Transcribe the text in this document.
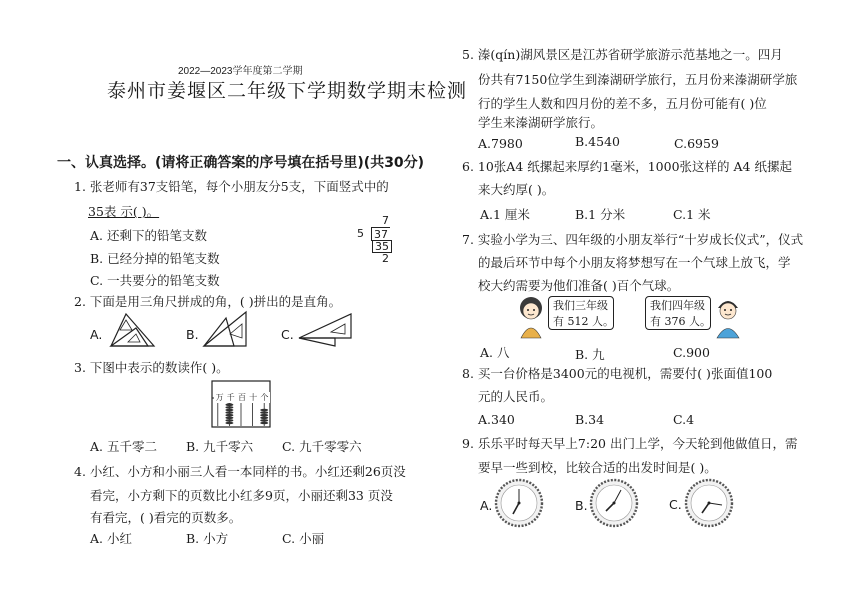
2022—2023学年度第二学期
泰州市姜堰区二年级下学期数学期末检测
一、认真选择。(请将正确答案的序号填在括号里)(共30分)
1. 张老师有37支铅笔，每个小朋友分5支，下面竖式中的
35表 示( )。
A. 还剩下的铅笔支数
B. 已经分掉的铅笔支数
C. 一共要分的铅笔支数
7
5 37
35
2
2. 下面是用三角尺拼成的角，( )拼出的是直角。
A.	B.	C.
3. 下图中表示的数读作( )。
万 千 百 十 个
A. 五千零二 B. 九千零六 C. 九千零零六
4. 小红、小方和小丽三人看一本同样的书。小红还剩26页没
看完，小方剩下的页数比小红多9页，小丽还剩33 页没
有看完，( )看完的页数多。
A. 小红	B. 小方	C. 小丽
5. 溱(qín)湖风景区是江苏省研学旅游示范基地之一。四月
份共有7150位学生到溱湖研学旅行，五月份来溱湖研学旅
行的学生人数和四月份的差不多，五月份可能有( )位
学生来溱湖研学旅行。
A.7980	B.4540	C.6959
6. 10张A4 纸摞起来厚约1毫米，1000张这样的 A4 纸摞起
来大约厚( )。
A.1 厘米	B.1 分米	C.1 米
7. 实验小学为三、四年级的小朋友举行“十岁成长仪式”，仪式
的最后环节中每个小朋友将梦想写在一个气球上放飞，学
校大约需要为他们准备( )百个气球。
我们三年级
有 512 人。
我们四年级
有 376 人。
A. 八	B. 九	C.900
8. 买一台价格是3400元的电视机，需要付( )张面值100
元的人民币。
A.340	B.34	C.4
9. 乐乐平时每天早上7:20 出门上学，今天轮到他做值日，需
要早一些到校，比较合适的出发时间是( )。
A.	B.	C.
